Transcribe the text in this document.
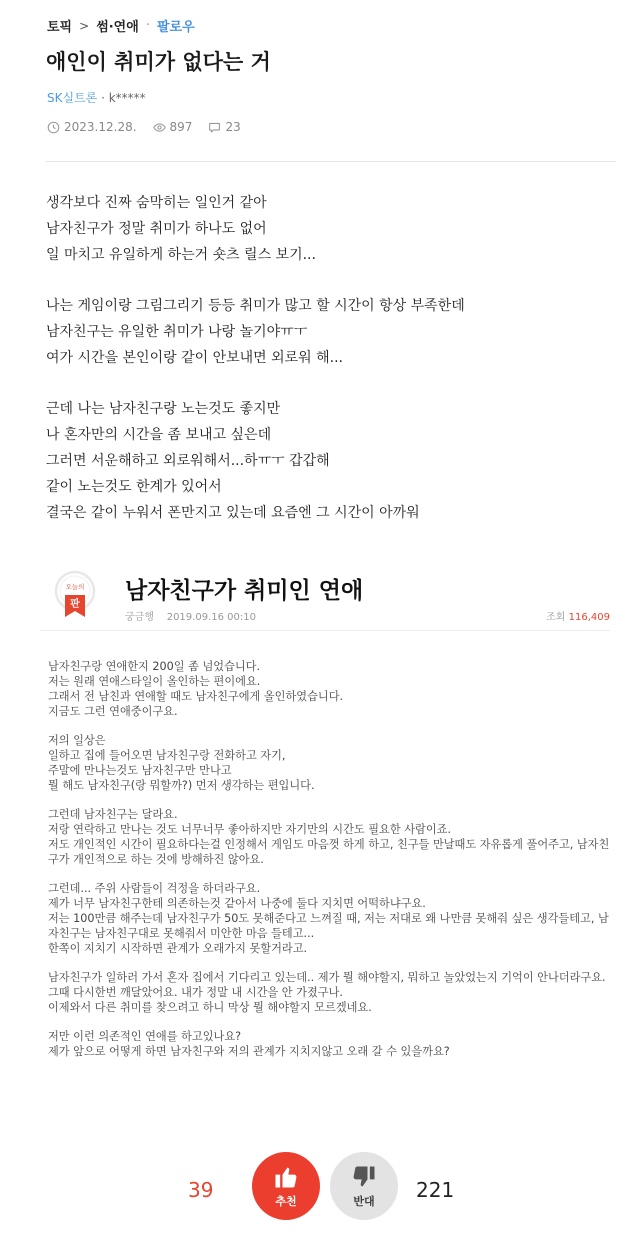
토픽 > 썸·연애 · 팔로우
애인이 취미가 없다는 거
SK실트론 · k*****
2023.12.28.	897	23

생각보다 진짜 숨막히는 일인거 같아
남자친구가 정말 취미가 하나도 없어
일 마치고 유일하게 하는거 숏츠 릴스 보기...

나는 게임이랑 그림그리기 등등 취미가 많고 할 시간이 항상 부족한데
남자친구는 유일한 취미가 나랑 놀기야ㅠㅜ
여가 시간을 본인이랑 같이 안보내면 외로워 해...

근데 나는 남자친구랑 노는것도 좋지만
나 혼자만의 시간을 좀 보내고 싶은데
그러면 서운해하고 외로워해서...하ㅠㅜ 갑갑해
같이 노는것도 한계가 있어서
결국은 같이 누워서 폰만지고 있는데 요즘엔 그 시간이 아까워

오늘의
판
남자친구가 취미인 연애
궁금행 2019.09.16 00:10	조회 116,409

남자친구랑 연애한지 200일 좀 넘었습니다.
저는 원래 연애스타일이 올인하는 편이에요.
그래서 전 남친과 연애할 때도 남자친구에게 올인하였습니다.
지금도 그런 연애중이구요.

저의 일상은
일하고 집에 들어오면 남자친구랑 전화하고 자기,
주말에 만나는것도 남자친구만 만나고
뭘 해도 남자친구(랑 뭐할까?) 먼저 생각하는 편입니다.

그런데 남자친구는 달라요.
저랑 연락하고 만나는 것도 너무너무 좋아하지만 자기만의 시간도 필요한 사람이죠.
저도 개인적인 시간이 필요하다는걸 인정해서 게임도 마음껏 하게 하고, 친구들 만날때도 자유롭게 풀어주고, 남자친구가 개인적으로 하는 것에 방해하진 않아요.

그런데... 주위 사람들이 걱정을 하더라구요.
제가 너무 남자친구한테 의존하는것 같아서 나중에 둘다 지치면 어떡하냐구요.
저는 100만큼 해주는데 남자친구가 50도 못해준다고 느껴질 때, 저는 저대로 왜 나만큼 못해줘 싶은 생각들테고, 남자친구는 남자친구대로 못해줘서 미안한 마음 들테고...
한쪽이 지치기 시작하면 관계가 오래가지 못할거라고.

남자친구가 일하러 가서 혼자 집에서 기다리고 있는데.. 제가 뭘 해야할지, 뭐하고 놀았었는지 기억이 안나더라구요.
그때 다시한번 깨달았어요. 내가 정말 내 시간을 안 가졌구나.
이제와서 다른 취미를 찾으려고 하니 막상 뭘 해야할지 모르겠네요.

저만 이런 의존적인 연애를 하고있나요?
제가 앞으로 어떻게 하면 남자친구와 저의 관계가 지치지않고 오래 갈 수 있을까요?

39	추천	반대 221
